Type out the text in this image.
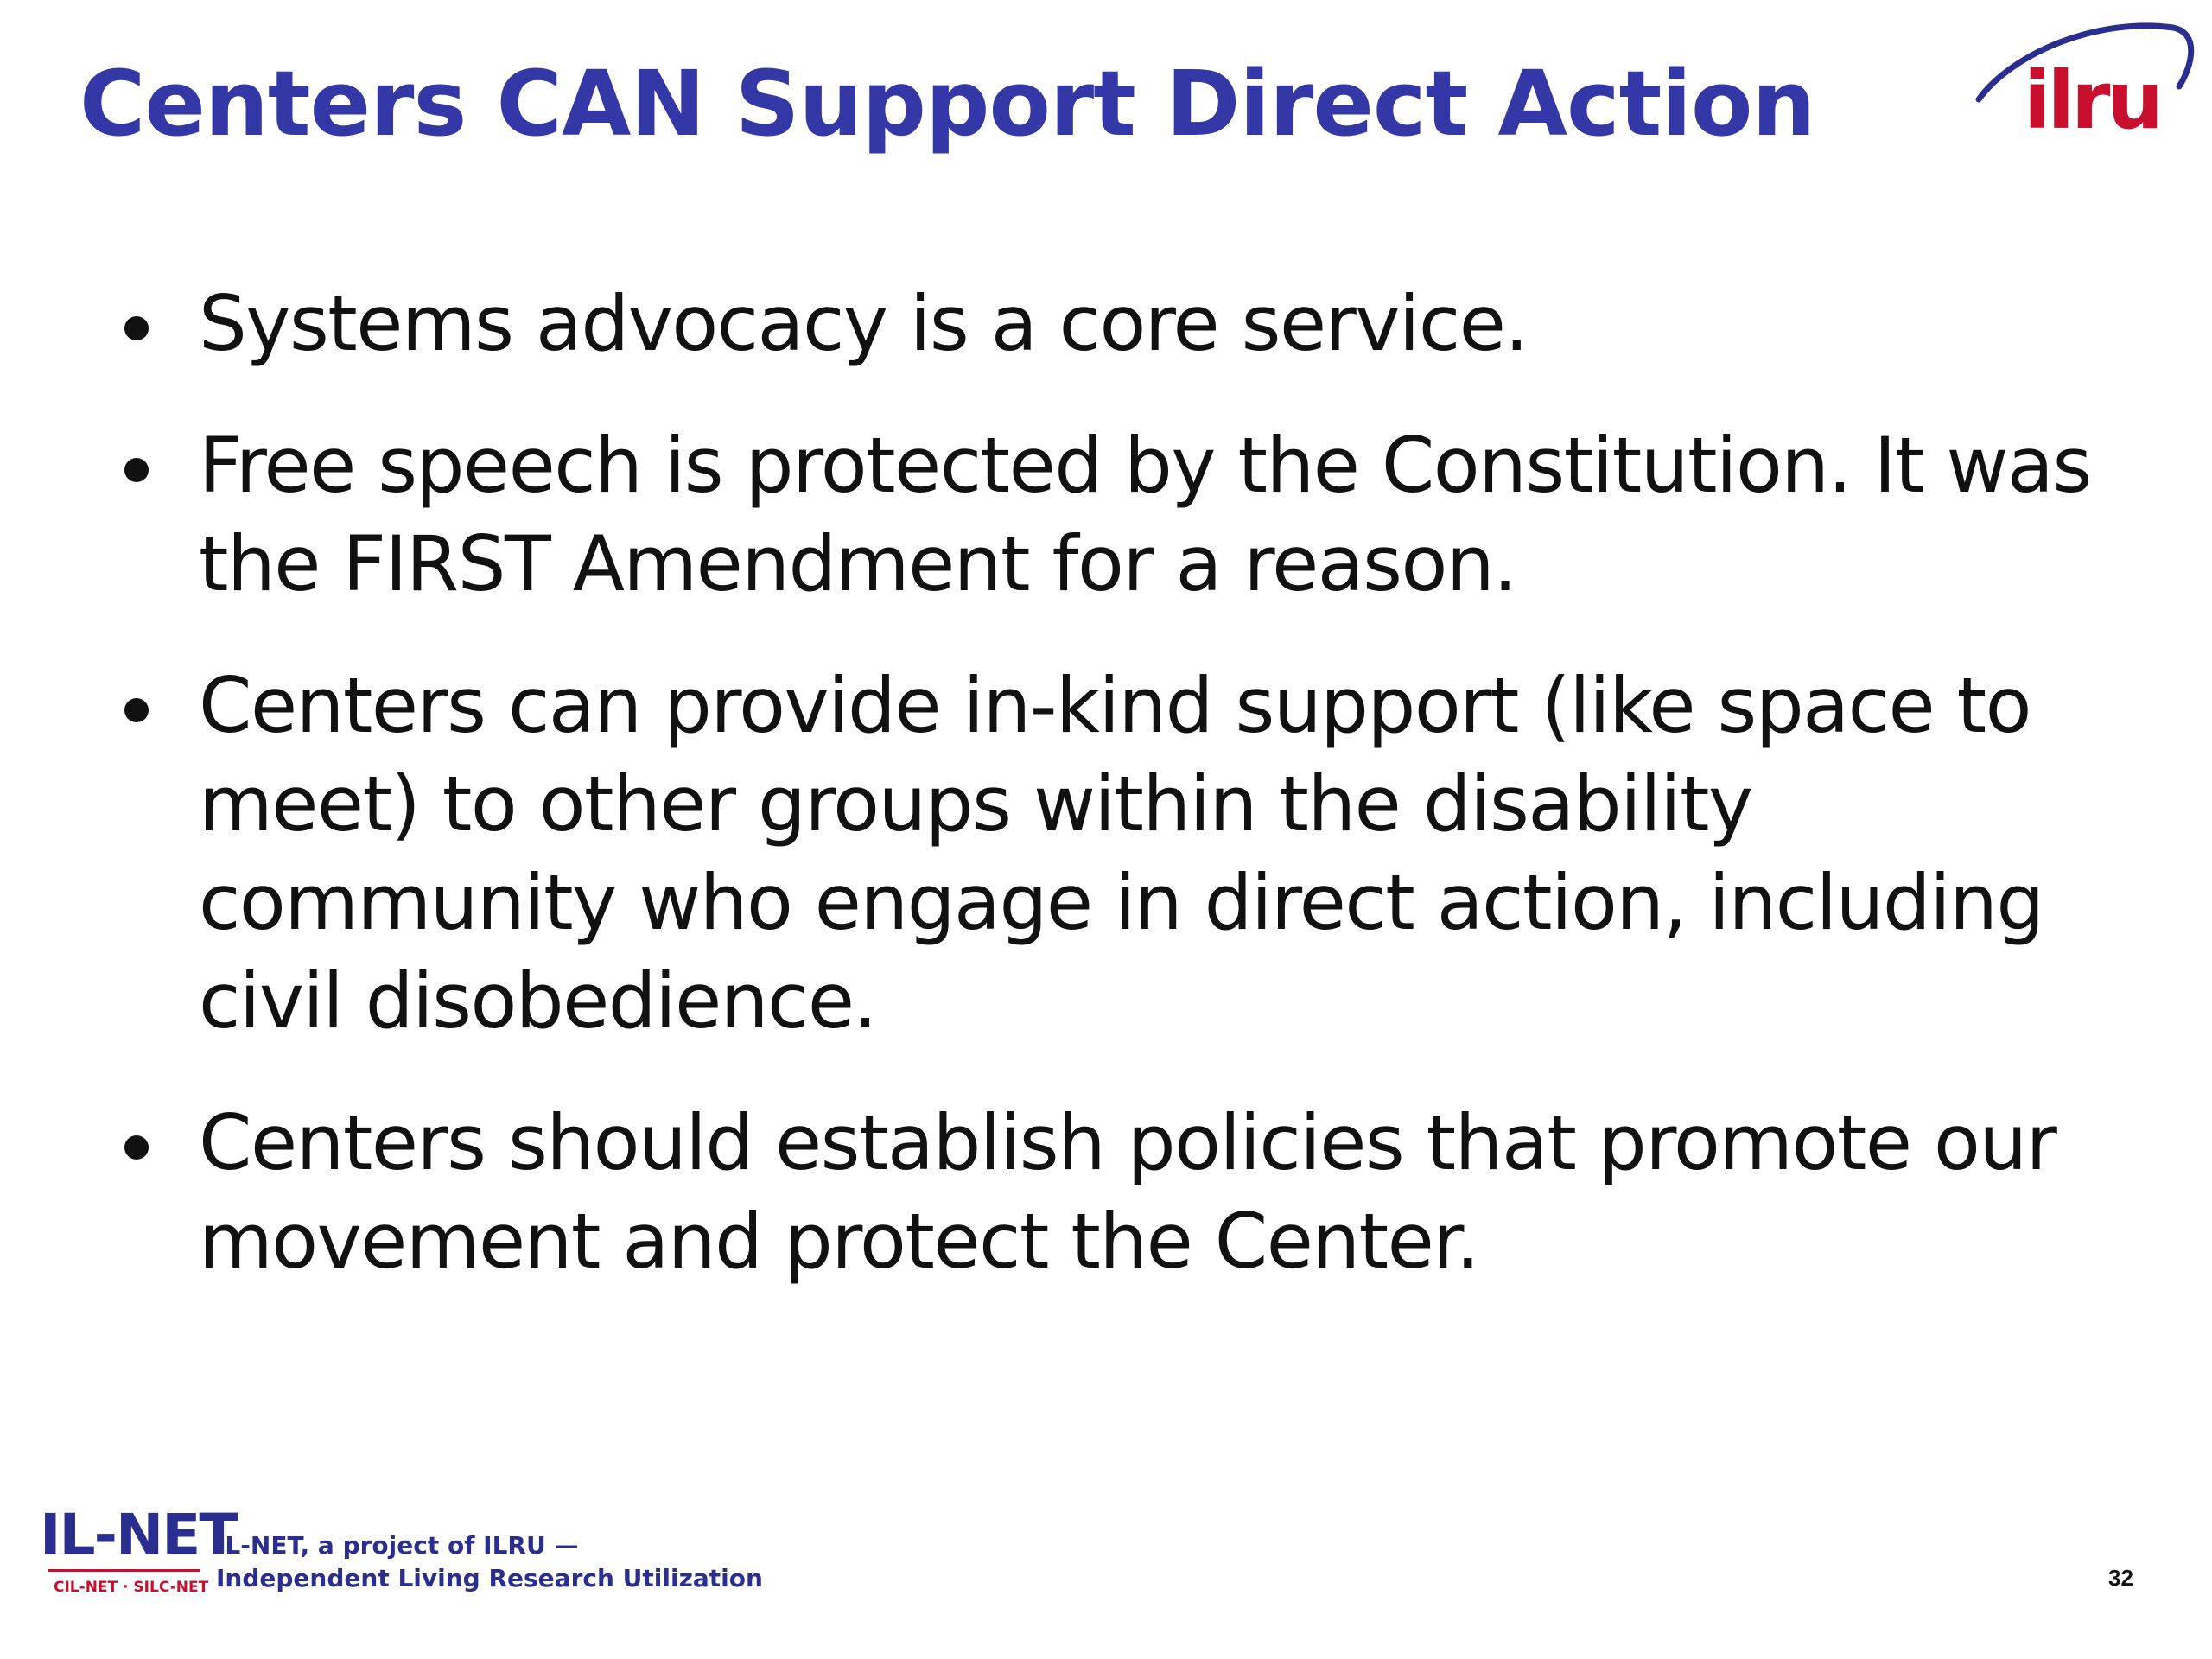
Centers CAN Support Direct Action	ilru
Systems advocacy is a core service.
Free speech is protected by the Constitution. It was the FIRST Amendment for a reason.
Centers can provide in-kind support (like space to meet) to other groups within the disability community who engage in direct action, including civil disobedience.
Centers should establish policies that promote our movement and protect the Center.
IL-NET
CIL-NET · SILC-NET
IL-NET, a project of ILRU —
Independent Living Research Utilization	32
